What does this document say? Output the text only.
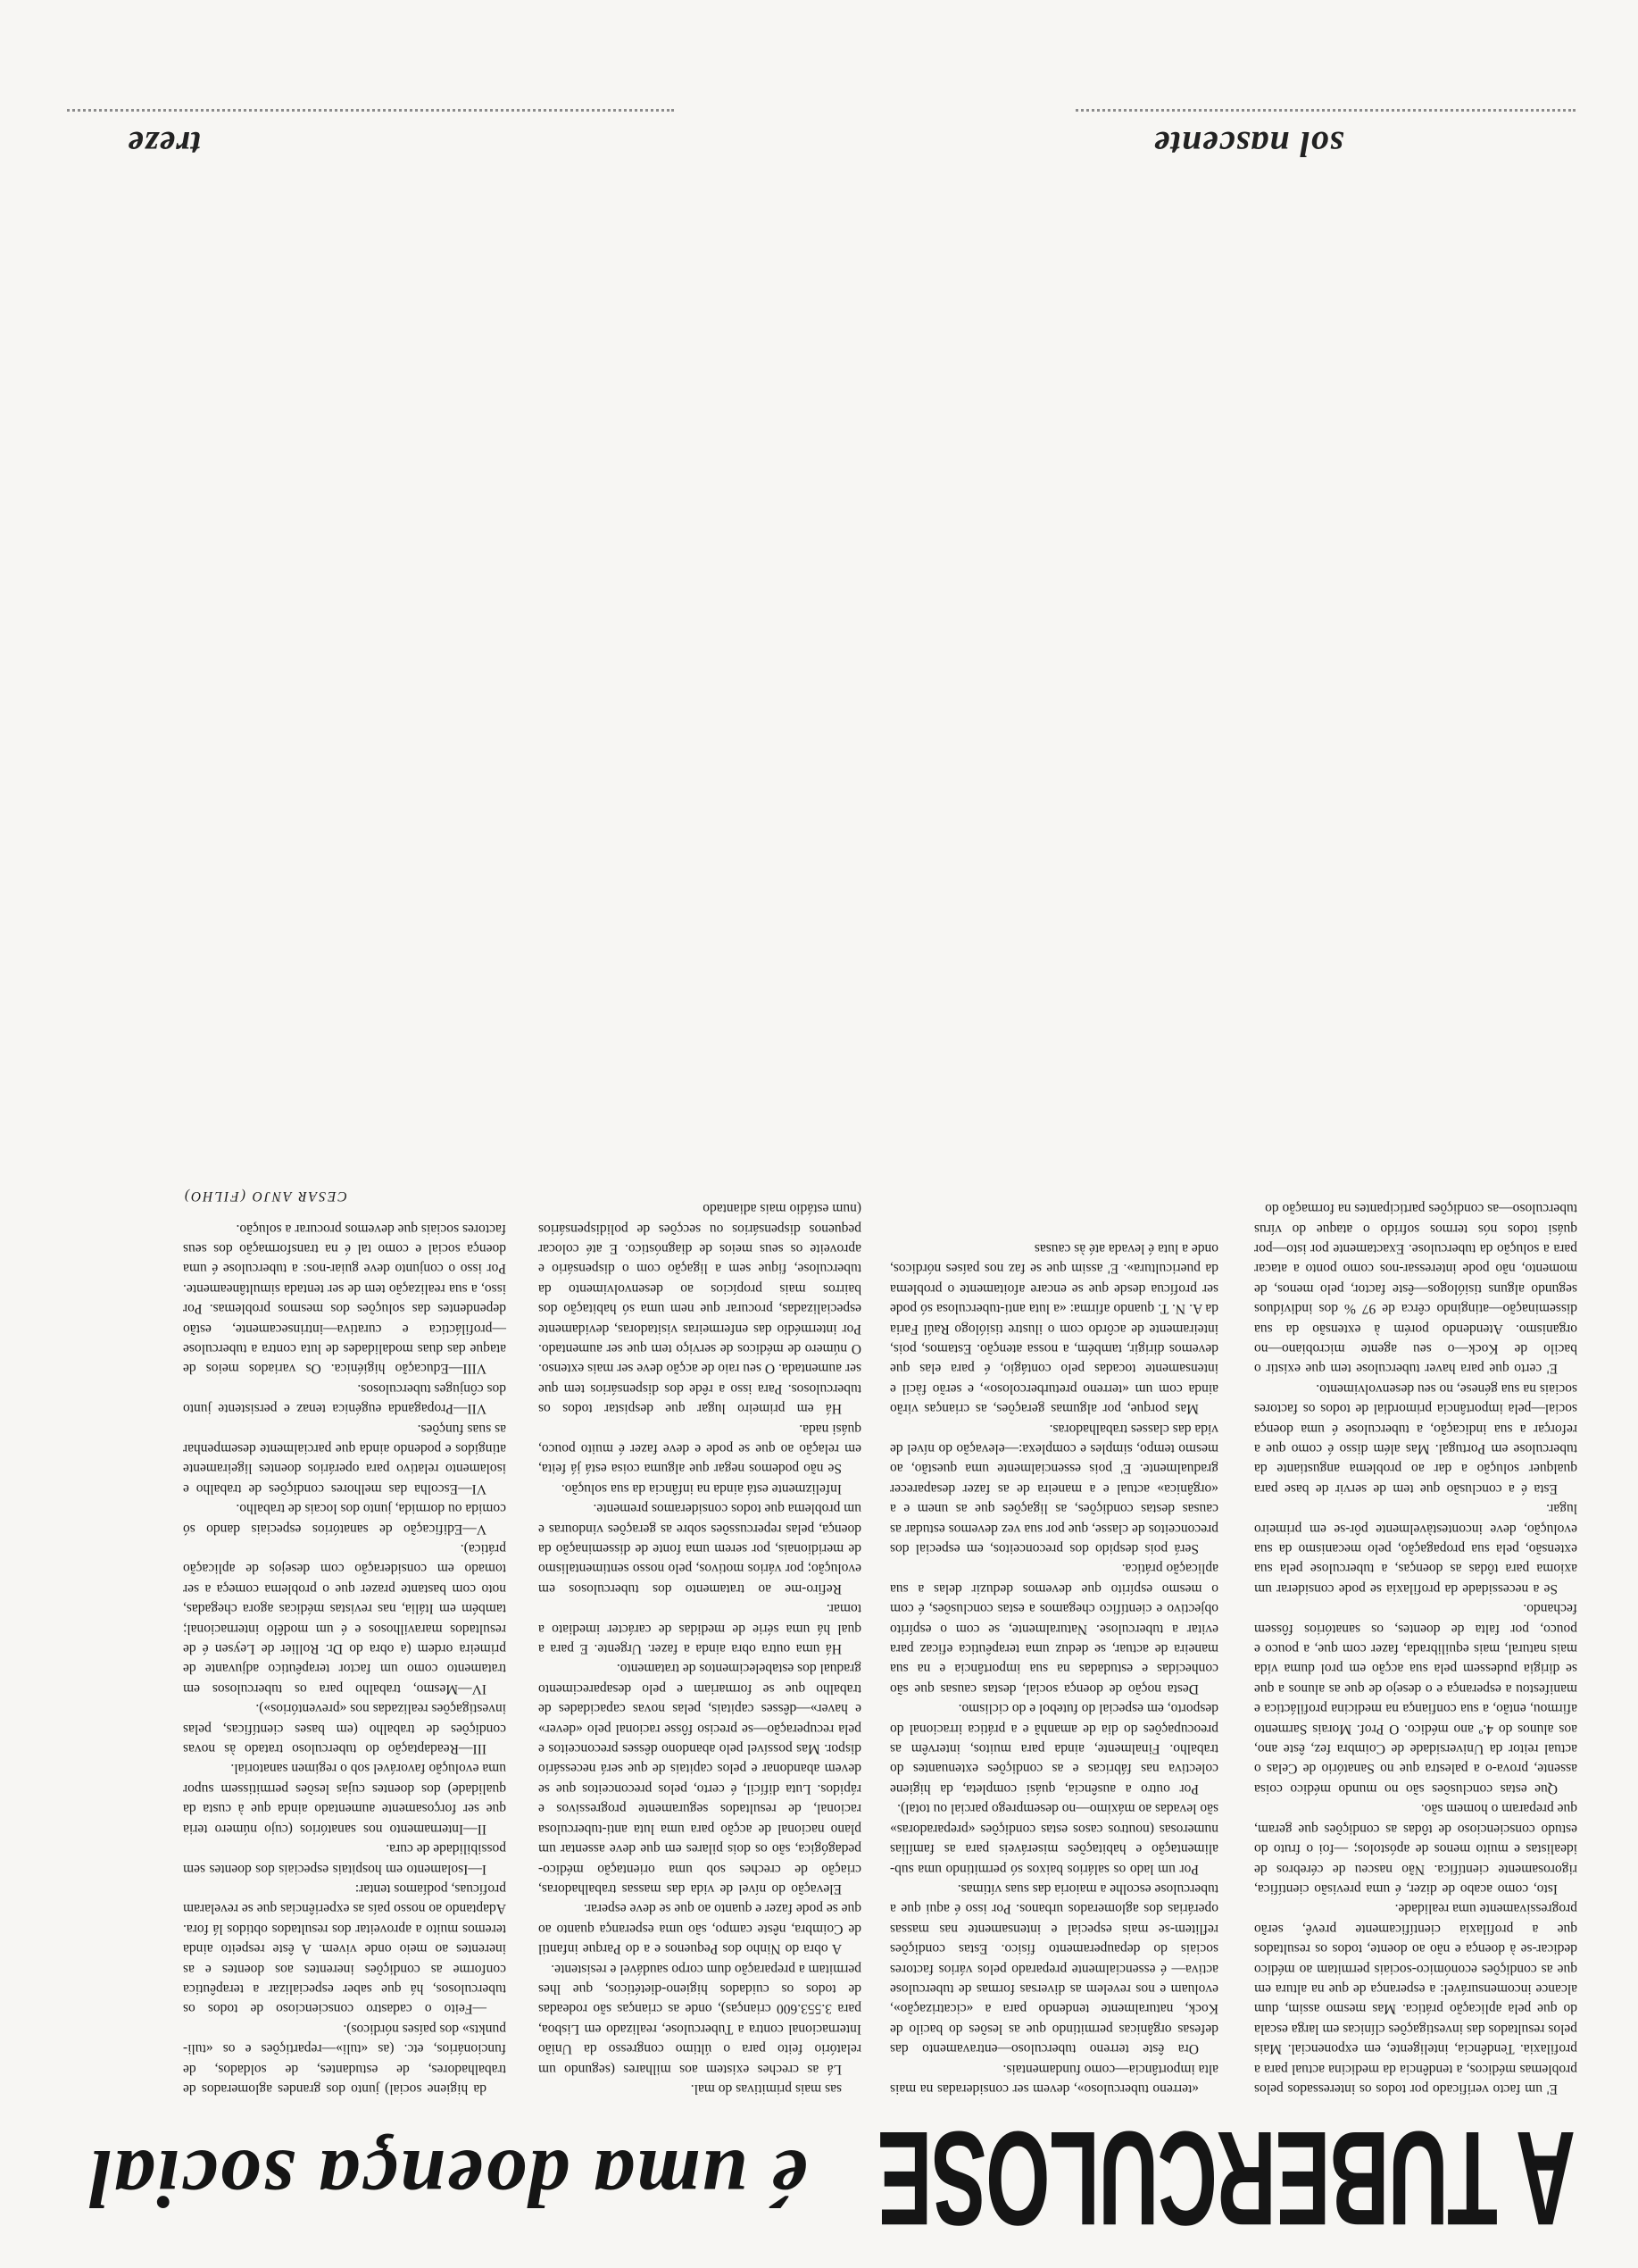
sol nascente
treze
A TUBERCULOSE
é uma doença social

E' um facto verificado por todos os interessados pelos problemas médicos, a tendência da medicina actual para a profilaxia. Tendência, inteligente, em exponencial. Mais pelos resultados das investigações clínicas em larga escala do que pela aplicação prática. Mas mesmo assim, dum alcance incomensurável: a esperança de que na altura em que as condições económico-sociais permitam ao médico dedicar-se à doença e não ao doente, todos os resultados que a profilaxia científicamente prevê, serão progressivamente uma realidade.

Isto, como acabo de dizer, é uma previsão científica, rigorosamente científica. Não nasceu de cérebros de idealistas e muito menos de apóstolos; —foi o fruto do estudo consciencioso de tôdas as condições que geram, que preparam o homem são.

Que estas conclusões são no mundo médico coisa assente, prova-o a palestra que no Sanatório de Celas o actual reitor da Universidade de Coimbra fez, êste ano, aos alunos do 4.º ano médico. O Prof. Morais Sarmento afirmou, então, a sua confiança na medicina profiláctica e manifestou a esperança e o desejo de que as alunos a que se dirigia pudessem pela sua acção em prol duma vida mais natural, mais equilibrada, fazer com que, a pouco e pouco, por falta de doentes, os sanatórios fôssem fechando.

Se a necessidade da profilaxia se pode considerar um axioma para tôdas as doenças, a tuberculose pela sua extensão, pela sua propagação, pelo mecanismo da sua evolução, deve incontestàvelmente pôr-se em primeiro lugar.

Esta é a conclusão que tem de servir de base para qualquer solução a dar ao problema angustiante da tuberculose em Portugal. Mas além disso é como que a reforçar a sua indicação, a tuberculose é uma doença social—pela importância primordial de todos os factores sociais na sua génese, no seu desenvolvimento.

E' certo que para haver tuberculose tem que existir o bacilo de Kock—o seu agente microbiano—no organismo. Atendendo porém à extensão da sua disseminação—atingindo cêrca de 97 % dos indivíduos segundo alguns tisiólogos—êste factor, pelo menos, de momento, não pode interessar-nos como ponto a atacar para a solução da tuberculose. Exactamente por isto—por quási todos nós termos sofrido o ataque do vírus tuberculoso—as condições participantes na formação do

«terreno tuberculoso», devem ser consideradas na mais alta importância—como fundamentais.

Ora êste terreno tuberculoso—entravamento das defesas orgânicas permitindo que as lesões do bacilo de Kock, naturalmente tendendo para a «cicatrização», evoluam e nos revelem as diversas formas de tuberculose activa— é essencialmente preparado pelos vários factores sociais do depauperamento físico. Estas condições reflitem-se mais especial e intensamente nas massas operárias dos aglomerados urbanos. Por isso é aqui que a tuberculose escolhe a maioria das suas vítimas.

Por um lado os salários baixos só permitindo uma sub-alimentação e habitações miseráveis para as famílias numerosas (noutros casos estas condições «preparadoras» são levadas ao máximo—no desemprego parcial ou total).

Por outro a ausência, quási completa, da higiene colectiva nas fábricas e as condições extenuantes do trabalho. Finalmente, ainda para muitos, intervêm as preocupações do dia de amanhã e a prática irracional do desporto, em especial do futebol e do ciclismo.

Desta noção de doença social, destas causas que são conhecidas e estudadas na sua importância e na sua maneira de actuar, se deduz uma terapêutica eficaz para evitar a tuberculose. Naturalmente, se com o espírito objectivo e científico chegamos a estas conclusões, é com o mesmo espírito que devemos deduzir delas a sua aplicação prática.

Será pois despido dos preconceitos, em especial dos preconceitos de classe, que por sua vez devemos estudar as causas destas condições, as ligações que as unem e a «orgânica» actual e a maneira de as fazer desaparecer gradualmente. E' pois essencialmente uma questão, ao mesmo tempo, simples e complexa:—elevação do nível de vida das classes trabalhadoras.

Mas porque, por algumas gerações, as crianças virão ainda com um «terreno preturbercoloso», e serão fàcil e intensamente tocadas pelo contágio, é para elas que devemos dirigir, também, a nossa atenção. Estamos, pois, inteiramente de acôrdo com o ilustre tisiólogo Raúl Faria da A. N. T. quando afirma: «a luta anti-tuberculosa só pode ser profícua desde que se encare afoitamente o problema da puericultura». E' assim que se faz nos países nórdicos, onde a luta é levada até às causas

sas mais primitivas do mal.

Lá as creches existem aos milhares (segundo um relatório feito para o último congresso da União Internacional contra a Tuberculose, realizado em Lisboa, para 3.553.600 crianças), onde as crianças são rodeadas de todos os cuidados higieno-dietéticos, que lhes permitam a preparação dum corpo saudável e resistente.

A obra do Ninho dos Pequenos e a do Parque infantil de Coimbra, nêste campo, são uma esperança quanto ao que se pode fazer e quanto ao que se deve esperar.

Elevação do nível de vida das massas trabalhadoras, criação de creches sob uma orientação médico-pedagógica, são os dois pilares em que deve assentar um plano nacional de acção para uma luta anti-tuberculosa racional, de resultados seguramente progressivos e rápidos. Luta difícil, é certo, pelos preconceitos que se devem abandonar e pelos capitais de que será necessário dispor. Mas possível pelo abandono dêsses preconceitos e pela recuperação—se preciso fôsse racional pelo «dever» e haver»—dêsses capitais, pelas novas capacidades de trabalho que se formariam e pelo desaparecimento gradual dos estabelecimentos de tratamento.

Há uma outra obra ainda a fazer. Urgente. E para a qual há uma série de medidas de carácter imediato a tomar.

Refiro-me ao tratamento dos tuberculosos em evolução; por vários motivos, pelo nosso sentimentalismo de meridionais, por serem uma fonte de disseminação da doença, pelas repercussões sobre as gerações vindouras e um problema que todos consideramos premente.

Infelizmente está ainda na infância da sua solução.

Se não podemos negar que alguma coisa está já feita, em relação ao que se pode e deve fazer é muito pouco, quási nada.

Há em primeiro lugar que despistar todos os tuberculosos. Para isso a rêde dos dispensários tem que ser aumentada. O seu raio de acção deve ser mais extenso. O número de médicos de serviço tem que ser aumentado. Por intermédio das enfermeiras visitadoras, devidamente especializadas, procurar que nem uma só habitação dos bairros mais propícios ao desenvolvimento da tuberculose, fique sem a ligação com o dispensário e aproveite os seus meios de diagnóstico. E até colocar pequenos dispensários ou secções de polidispensários (num estádio mais adiantado

da higiene social) junto dos grandes aglomerados de trabalhadores, de estudantes, de soldados, de funcionários, etc. (as «tuli»—repartições e os «tuli-punkts» dos países nórdicos).

—Feito o cadastro consciencioso de todos os tuberculosos, há que saber especializar a terapêutica conforme as condições inerentes aos doentes e as inerentes ao meio onde vivem. A êste respeito ainda teremos muito a aproveitar dos resultados obtidos lá fora. Adaptando ao nosso país as experiências que se revelaram profícuas, podíamos tentar:

I—Isolamento em hospitais especiais dos doentes sem possibilidade de cura.

II—Internamento nos sanatórios (cujo número teria que ser forçosamente aumentado ainda que à custa da qualidade) dos doentes cujas lesões permitissem supor uma evolução favorável sob o regimen sanatorial.

III—Readaptação do tuberculoso tratado às novas condições de trabalho (em bases científicas, pelas investigações realizadas nos «preventórios»).

IV—Mesmo, trabalho para os tuberculosos em tratamento como um factor terapêutico adjuvante de primeira ordem (a obra do Dr. Rollier de Leysen é de resultados maravilhosos e é um modêlo internacional; também em Itália, nas revistas médicas agora chegadas, noto com bastante prazer que o problema começa a ser tomado em consideração com desejos de aplicação prática).

V—Edificação de sanatórios especiais dando só comida ou dormida, junto dos locais de trabalho.

VI—Escolha das melhores condições de trabalho e isolamento relativo para operários doentes ligeiramente atingidos e podendo ainda que parcialmente desempenhar as suas funções.

VII—Propaganda eugénica tenaz e persistente junto dos cônjuges tuberculosos.

VIII—Educação higiénica. Os variados meios de ataque das duas modalidades de luta contra a tuberculose—profiláctica e curativa—intrinsecamente, estão dependentes das soluções dos mesmos problemas. Por isso, a sua realização tem de ser tentada simultâneamente. Por isso o conjunto deve guiar-nos: a tuberculose é uma doença social e como tal é na transformação dos seus factores sociais que devemos procurar a solução.

CESAR ANJO (FILHO)
